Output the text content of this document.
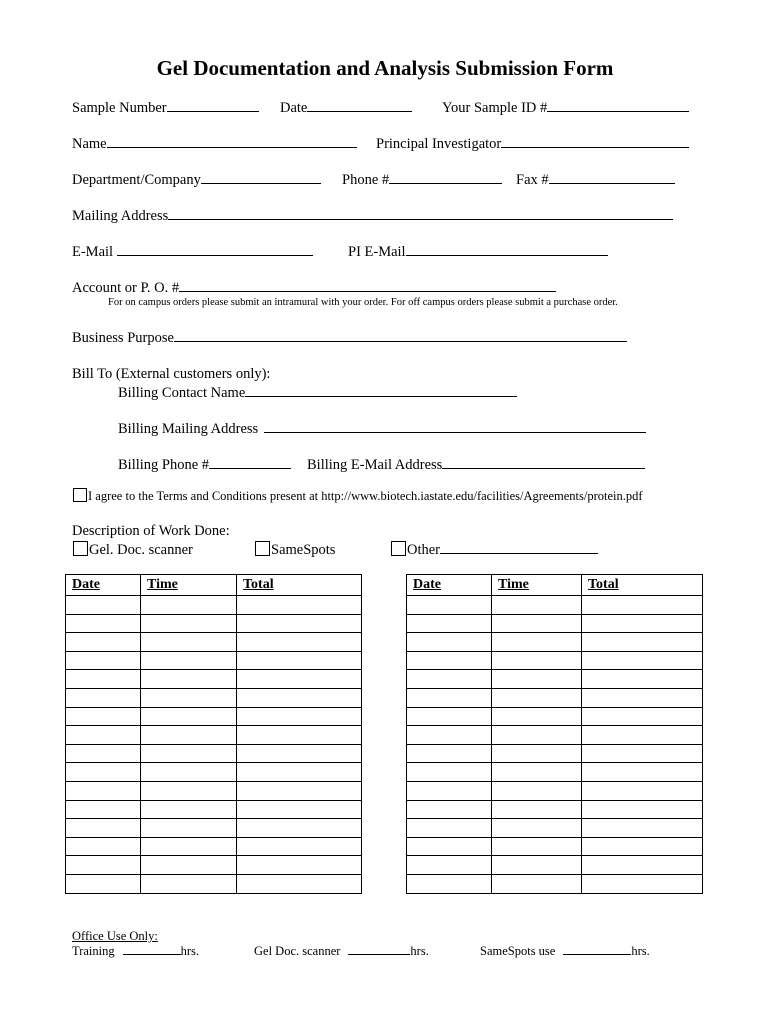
Gel Documentation and Analysis Submission Form
Sample Number	Date	Your Sample ID #
Name	Principal Investigator
Department/Company	Phone #	Fax #
Mailing Address
E-Mail	PI E-Mail
Account or P. O. #
For on campus orders please submit an intramural with your order. For off campus orders please submit a purchase order.
Business Purpose
Bill To (External customers only):
Billing Contact Name
Billing Mailing Address
Billing Phone #	Billing E-Mail Address
I agree to the Terms and Conditions present at http://www.biotech.iastate.edu/facilities/Agreements/protein.pdf
Description of Work Done:
Gel. Doc. scanner	SameSpots	Other
Date	Time	Total

			Date	Time	Total

Office Use Only:
Training	hrs.	Gel Doc. scanner	hrs.	SameSpots use	hrs.
